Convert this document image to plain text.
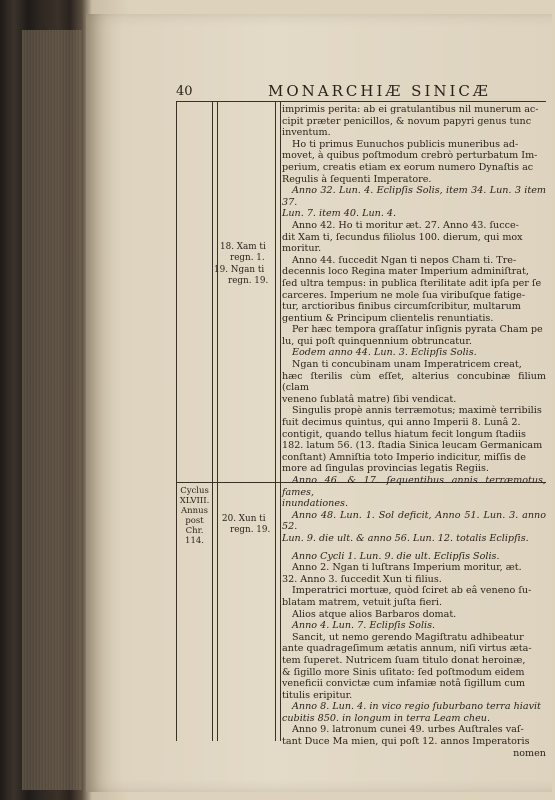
40	MONARCHIÆ SINICÆ
18. Xam ti
regn. 1.
19. Ngan ti
regn. 19.
Cyclus
XLVIII.
Annus
post Chr.
114.
20. Xun ti
regn. 19.

imprimis perita: ab ei gratulantibus nil munerum ac-

cipit præter penicillos, & novum papyri genus tunc

inventum.

Ho ti primus Eunuchos publicis muneribus ad-

movet, à quibus poſtmodum crebrò perturbatum Im-

perium, creatis etiam ex eorum numero Dynaſtis ac

Regulis à ſequenti Imperatore.

Anno 32. Lun. 4. Eclipſis Solis, item 34. Lun. 3 item 37.

Lun. 7. item 40. Lun. 4.

Anno 42. Ho ti moritur æt. 27. Anno 43. ſucce-

dit Xam ti, ſecundus filiolus 100. dierum, qui mox

moritur.

Anno 44. ſuccedit Ngan ti nepos Cham ti. Tre-

decennis loco Regina mater Imperium adminiſtrat,

ſed ultra tempus: in publica ſterilitate adit ipſa per ſe

carceres. Imperium ne mole ſua viribuſque fatige-

tur, arctioribus finibus circumſcribitur, multarum

gentium & Principum clientelis renuntiatis.

Per hæc tempora graſſatur inſignis pyrata Cham pe

lu, qui poſt quinquennium obtruncatur.

Eodem anno 44. Lun. 3. Eclipſis Solis.

Ngan ti concubinam unam Imperatricem creat,

hæc ſterilis cùm eſſet, alterius concubinæ filium (clam

veneno ſublatâ matre) ſibi vendicat.

Singulis propè annis terræmotus; maximè terribilis

fuit decimus quintus, qui anno Imperii 8. Lunâ 2.

contigit, quando tellus hiatum fecit longum ſtadiis

182. latum 56. (13. ſtadia Sinica leucam Germanicam

conſtant) Amniſtia toto Imperio indicitur, miſſis de

more ad ſingulas provincias legatis Regiis.

Anno 46. & 17. ſequentibus annis terræmotus, fames,

inundationes.

Anno 48. Lun. 1. Sol deficit, Anno 51. Lun. 3. anno 52.

Lun. 9. die ult. & anno 56. Lun. 12. totalis Eclipſis.

Anno Cycli 1. Lun. 9. die ult. Eclipſis Solis.

Anno 2. Ngan ti luſtrans Imperium moritur, æt.

32. Anno 3. ſuccedit Xun ti filius.

Imperatrici mortuæ, quòd ſciret ab eâ veneno ſu-

blatam matrem, vetuit juſta fieri.

Alios atque alios Barbaros domat.

Anno 4. Lun. 7. Eclipſis Solis.

Sancit, ut nemo gerendo Magiſtratu adhibeatur

ante quadrageſimum ætatis annum, niſi virtus æta-

tem ſuperet. Nutricem ſuam titulo donat heroinæ,

& ſigillo more Sinis uſitato: ſed poſtmodum eidem

veneficii convictæ cum infamiæ notâ ſigillum cum

titulis eripitur.

Anno 8. Lun. 4. in vico regio ſuburbano terra hiavit

cubitis 850. in longum in terra Leam cheu.

Anno 9. latronum cunei 49. urbes Auſtrales vaſ-

tant Duce Ma mien, qui poſt 12. annos Imperatoris

nomen
